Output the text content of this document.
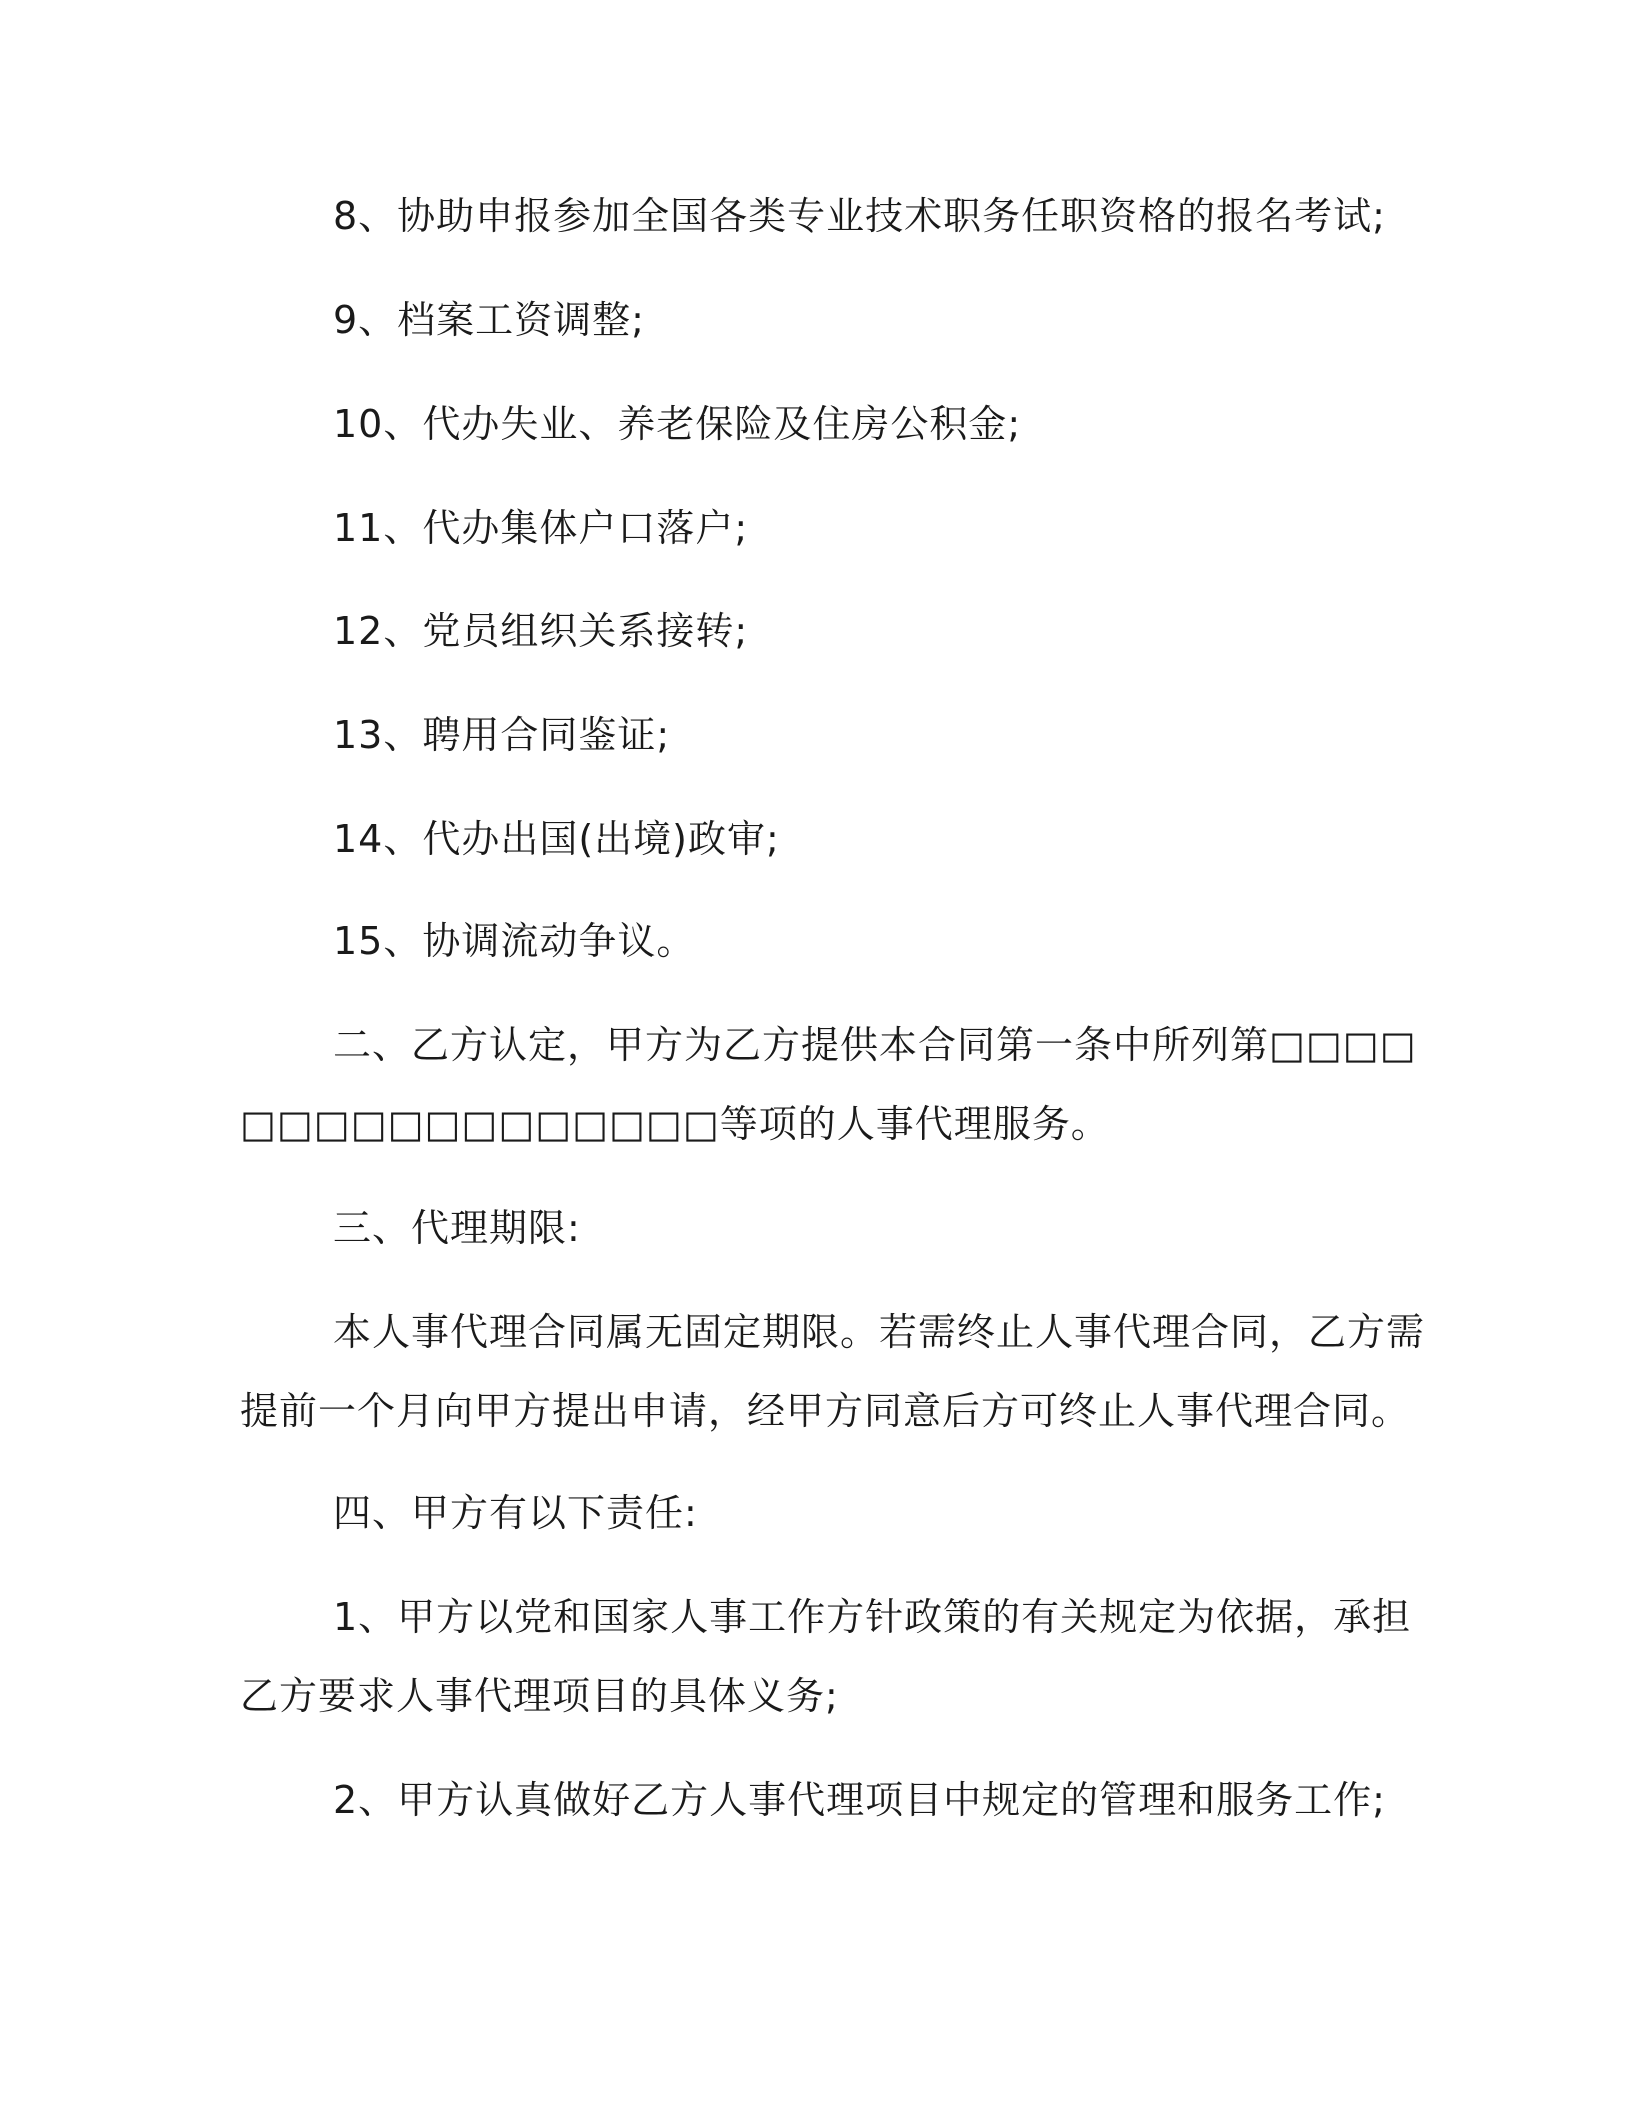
8、协助申报参加全国各类专业技术职务任职资格的报名考试;
9、档案工资调整;
10、代办失业、养老保险及住房公积金;
11、代办集体户口落户;
12、党员组织关系接转;
13、聘用合同鉴证;
14、代办出国(出境)政审;
15、协调流动争议。
二、乙方认定，甲方为乙方提供本合同第一条中所列第□□□□
□□□□□□□□□□□□□等项的人事代理服务。
三、代理期限:
本人事代理合同属无固定期限。若需终止人事代理合同，乙方需
提前一个月向甲方提出申请，经甲方同意后方可终止人事代理合同。
四、甲方有以下责任:
1、甲方以党和国家人事工作方针政策的有关规定为依据，承担
乙方要求人事代理项目的具体义务;
2、甲方认真做好乙方人事代理项目中规定的管理和服务工作;
